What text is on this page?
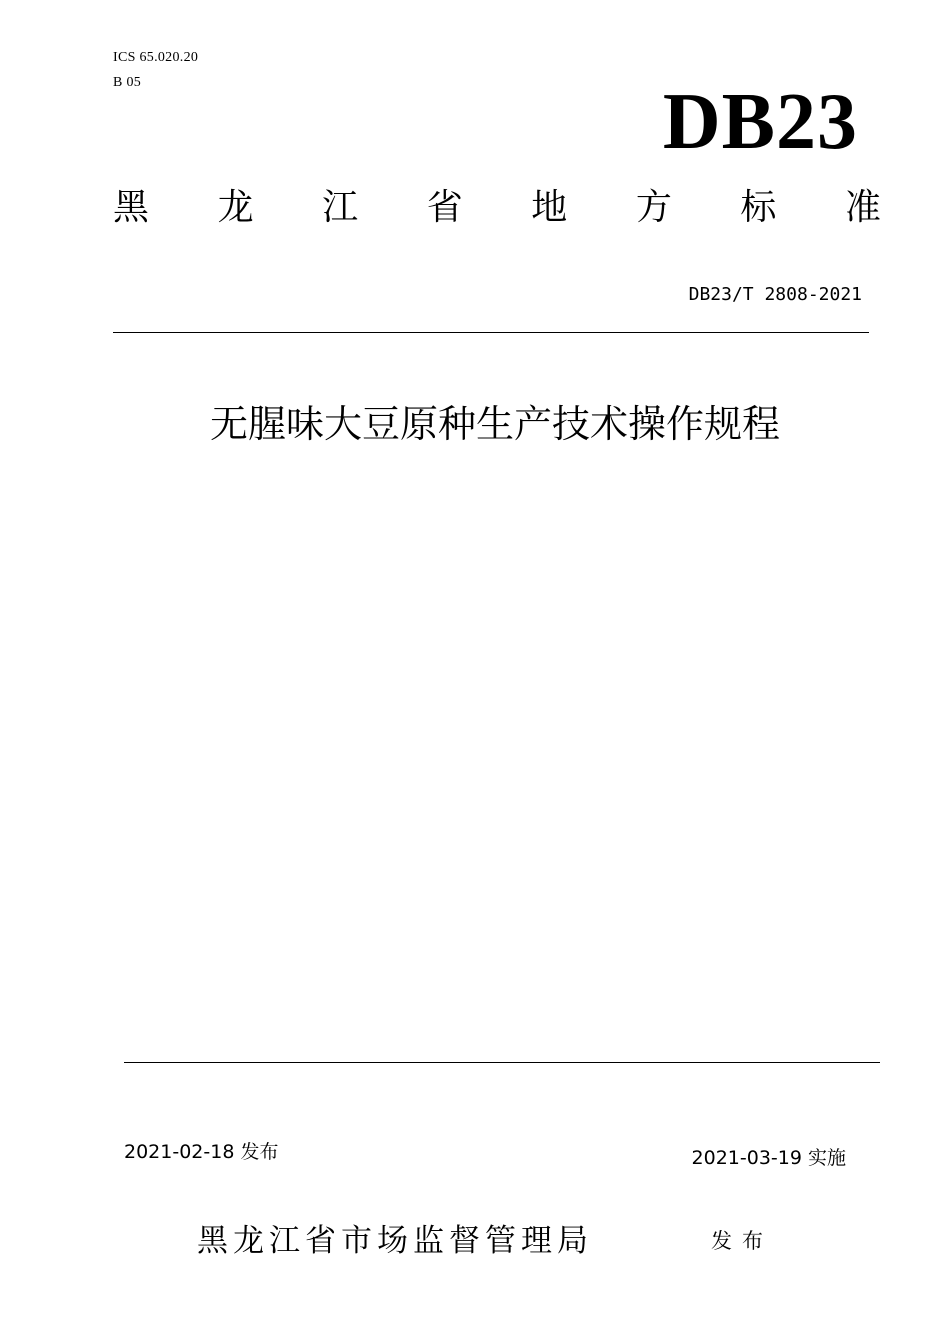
ICS 65.020.20
B 05	DB23
黑 龙 江 省 地 方 标 准
DB23/T 2808-2021
无腥味大豆原种生产技术操作规程
2021-02-18 发布	2021-03-19 实施
黑龙江省市场监督管理局	发布
